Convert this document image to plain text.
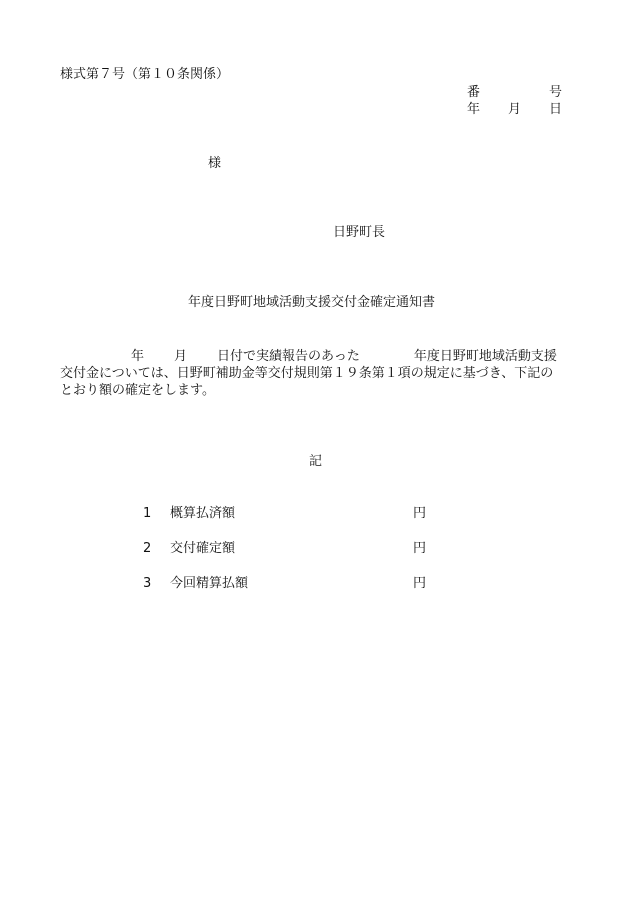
様式第７号（第１０条関係）
番	号
年 月 日
様
日野町長
年度日野町地域活動支援交付金確定通知書
年 月 日付で実績報告のあった	年度日野町地域活動支援
交付金については、日野町補助金等交付規則第１９条第１項の規定に基づき、下記の
とおり額の確定をします。
記
1 概算払済額	円
2 交付確定額	円
3 今回精算払額	円
